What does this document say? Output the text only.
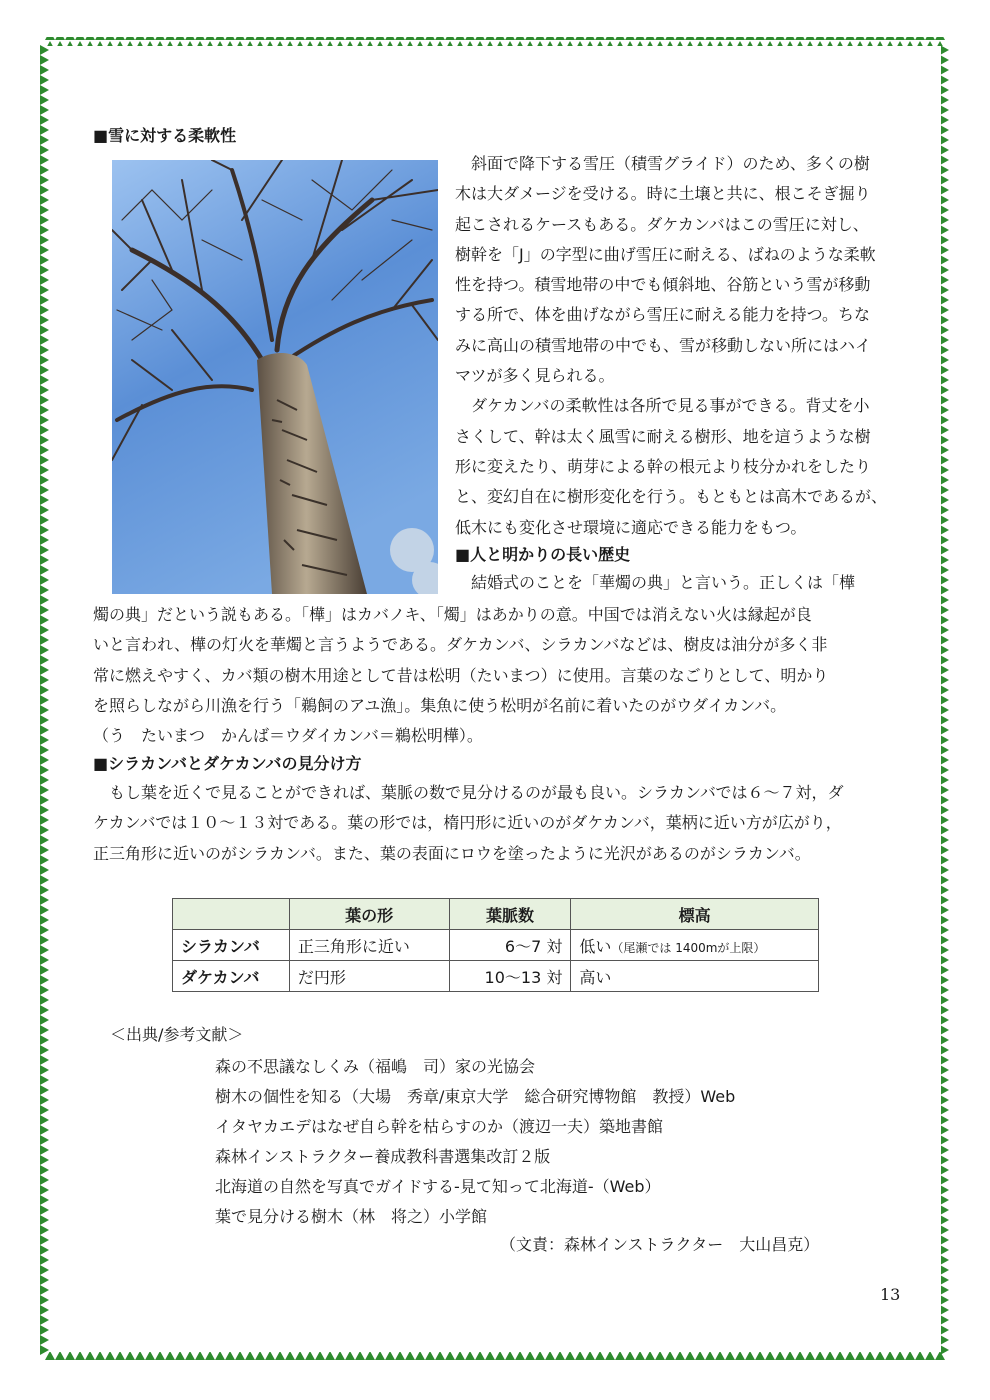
■雪に対する柔軟性
　斜面で降下する雪圧（積雪グライド）のため、多くの樹
木は大ダメージを受ける。時に土壌と共に、根こそぎ掘り
起こされるケースもある。ダケカンバはこの雪圧に対し、
樹幹を「J」の字型に曲げ雪圧に耐える、ばねのような柔軟
性を持つ。積雪地帯の中でも傾斜地、谷筋という雪が移動
する所で、体を曲げながら雪圧に耐える能力を持つ。ちな
みに高山の積雪地帯の中でも、雪が移動しない所にはハイ
マツが多く見られる。
　ダケカンバの柔軟性は各所で見る事ができる。背丈を小
さくして、幹は太く風雪に耐える樹形、地を這うような樹
形に変えたり、萌芽による幹の根元より枝分かれをしたり
と、変幻自在に樹形変化を行う。もともとは高木であるが、
低木にも変化させ環境に適応できる能力をもつ。
■人と明かりの長い歴史
　結婚式のことを「華燭の典」と言いう。正しくは「樺
燭の典」だという説もある。「樺」はカバノキ、「燭」はあかりの意。中国では消えない火は縁起が良
いと言われ、樺の灯火を華燭と言うようである。ダケカンバ、シラカンバなどは、樹皮は油分が多く非
常に燃えやすく、カバ類の樹木用途として昔は松明（たいまつ）に使用。言葉のなごりとして、明かり
を照らしながら川漁を行う「鵜飼のアユ漁」。集魚に使う松明が名前に着いたのがウダイカンバ。
（う　たいまつ　かんば＝ウダイカンバ＝鵜松明樺）。
■シラカンバとダケカンバの見分け方
　もし葉を近くで見ることができれば、葉脈の数で見分けるのが最も良い。シラカンバでは６～７対，ダ
ケカンバでは１０～１３対である。葉の形では，楕円形に近いのがダケカンバ，葉柄に近い方が広がり，
正三角形に近いのがシラカンバ。また、葉の表面にロウを塗ったように光沢があるのがシラカンバ。
	葉の形	葉脈数	標高
シラカンバ	正三角形に近い	6～7 対	低い（尾瀬では 1400mが上限）
ダケカンバ	だ円形	10～13 対	高い
＜出典/参考文献＞
森の不思議なしくみ（福嶋　司）家の光協会
樹木の個性を知る（大場　秀章/東京大学　総合研究博物館　教授）Web
イタヤカエデはなぜ自ら幹を枯らすのか（渡辺一夫）築地書館
森林インストラクター養成教科書選集改訂２版
北海道の自然を写真でガイドする-見て知って北海道-（Web）
葉で見分ける樹木（林　将之）小学館
（文責：森林インストラクター　大山昌克）
13
